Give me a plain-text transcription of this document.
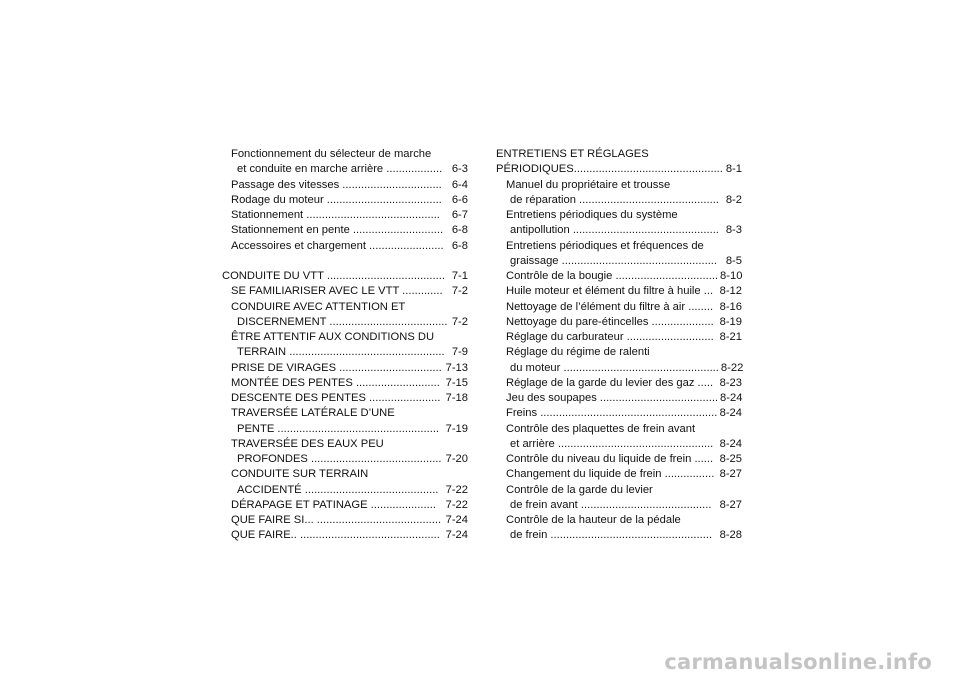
Fonctionnement du sélecteur de marche
et conduite en marche arrière .................. 6-3
Passage des vitesses ................................ 6-4
Rodage du moteur ..................................... 6-6
Stationnement ........................................... 6-7
Stationnement en pente ............................. 6-8
Accessoires et chargement ........................ 6-8
CONDUITE DU VTT ...................................... 7-1
SE FAMILIARISER AVEC LE VTT ............. 7-2
CONDUIRE AVEC ATTENTION ET
DISCERNEMENT ...................................... 7-2
ÊTRE ATTENTIF AUX CONDITIONS DU
TERRAIN .................................................. 7-9
PRISE DE VIRAGES ................................. 7-13
MONTÉE DES PENTES ........................... 7-15
DESCENTE DES PENTES ....................... 7-18
TRAVERSÉE LATÉRALE D’UNE
PENTE .................................................... 7-19
TRAVERSÉE DES EAUX PEU
PROFONDES .......................................... 7-20
CONDUITE SUR TERRAIN
ACCIDENTÉ ........................................... 7-22
DÉRAPAGE ET PATINAGE ..................... 7-22
QUE FAIRE SI... ........................................ 7-24
QUE FAIRE.. ............................................. 7-24
ENTRETIENS ET RÉGLAGES
PÉRIODIQUES................................................ 8-1
Manuel du propriétaire et trousse
de réparation ............................................. 8-2
Entretiens périodiques du système
antipollution ............................................... 8-3
Entretiens périodiques et fréquences de
graissage .................................................. 8-5
Contrôle de la bougie ................................. 8-10
Huile moteur et élément du filtre à huile ... 8-12
Nettoyage de l’élément du filtre à air ........ 8-16
Nettoyage du pare-étincelles .................... 8-19
Réglage du carburateur ............................ 8-21
Réglage du régime de ralenti
du moteur .................................................. 8-22
Réglage de la garde du levier des gaz ..... 8-23
Jeu des soupapes ...................................... 8-24
Freins ......................................................... 8-24
Contrôle des plaquettes de frein avant
et arrière .................................................. 8-24
Contrôle du niveau du liquide de frein ...... 8-25
Changement du liquide de frein ................ 8-27
Contrôle de la garde du levier
de frein avant .......................................... 8-27
Contrôle de la hauteur de la pédale
de frein .................................................... 8-28
carmanualsonline.info
